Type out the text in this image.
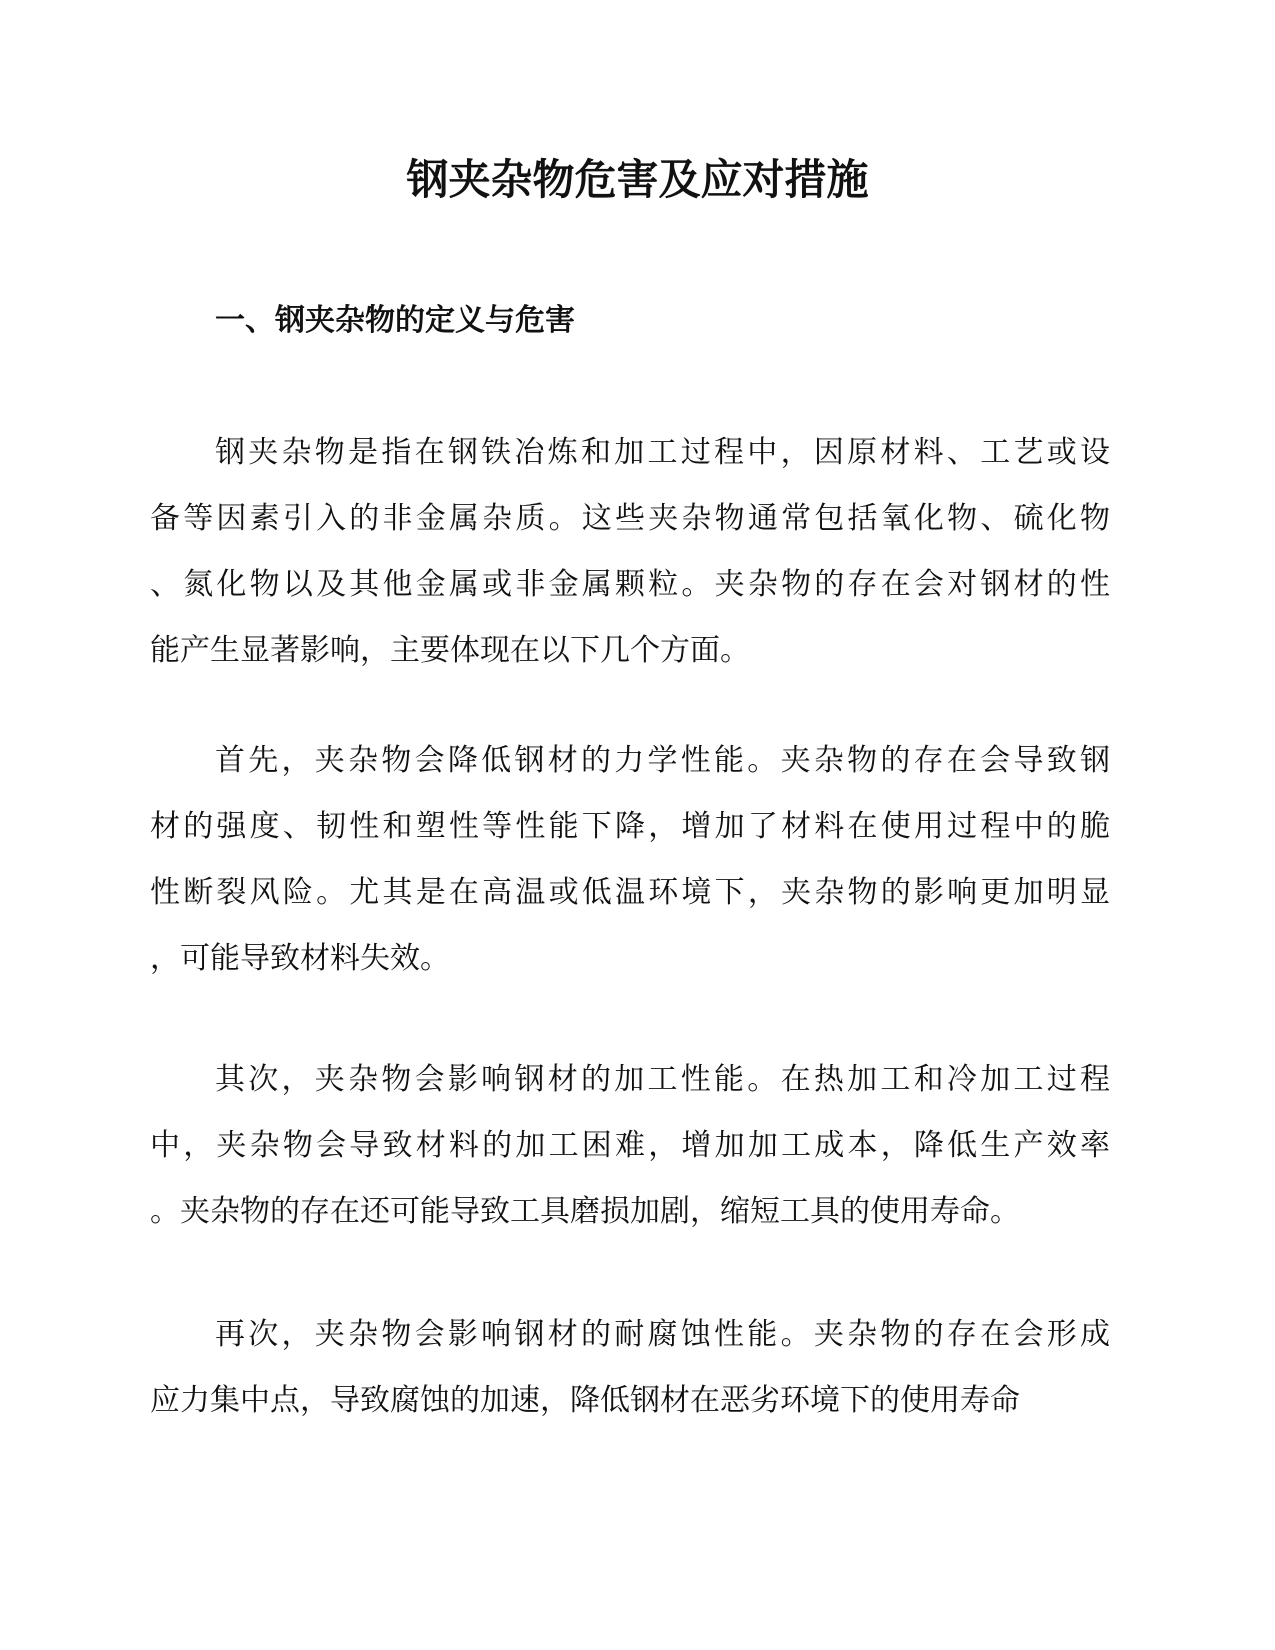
钢夹杂物危害及应对措施
一、钢夹杂物的定义与危害
钢夹杂物是指在钢铁冶炼和加工过程中，因原材料、工艺或设
备等因素引入的非金属杂质。这些夹杂物通常包括氧化物、硫化物
、氮化物以及其他金属或非金属颗粒。夹杂物的存在会对钢材的性
能产生显著影响，主要体现在以下几个方面。
首先，夹杂物会降低钢材的力学性能。夹杂物的存在会导致钢
材的强度、韧性和塑性等性能下降，增加了材料在使用过程中的脆
性断裂风险。尤其是在高温或低温环境下，夹杂物的影响更加明显
，可能导致材料失效。
其次，夹杂物会影响钢材的加工性能。在热加工和冷加工过程
中，夹杂物会导致材料的加工困难，增加加工成本，降低生产效率
。夹杂物的存在还可能导致工具磨损加剧，缩短工具的使用寿命。
再次，夹杂物会影响钢材的耐腐蚀性能。夹杂物的存在会形成
应力集中点，导致腐蚀的加速，降低钢材在恶劣环境下的使用寿命
